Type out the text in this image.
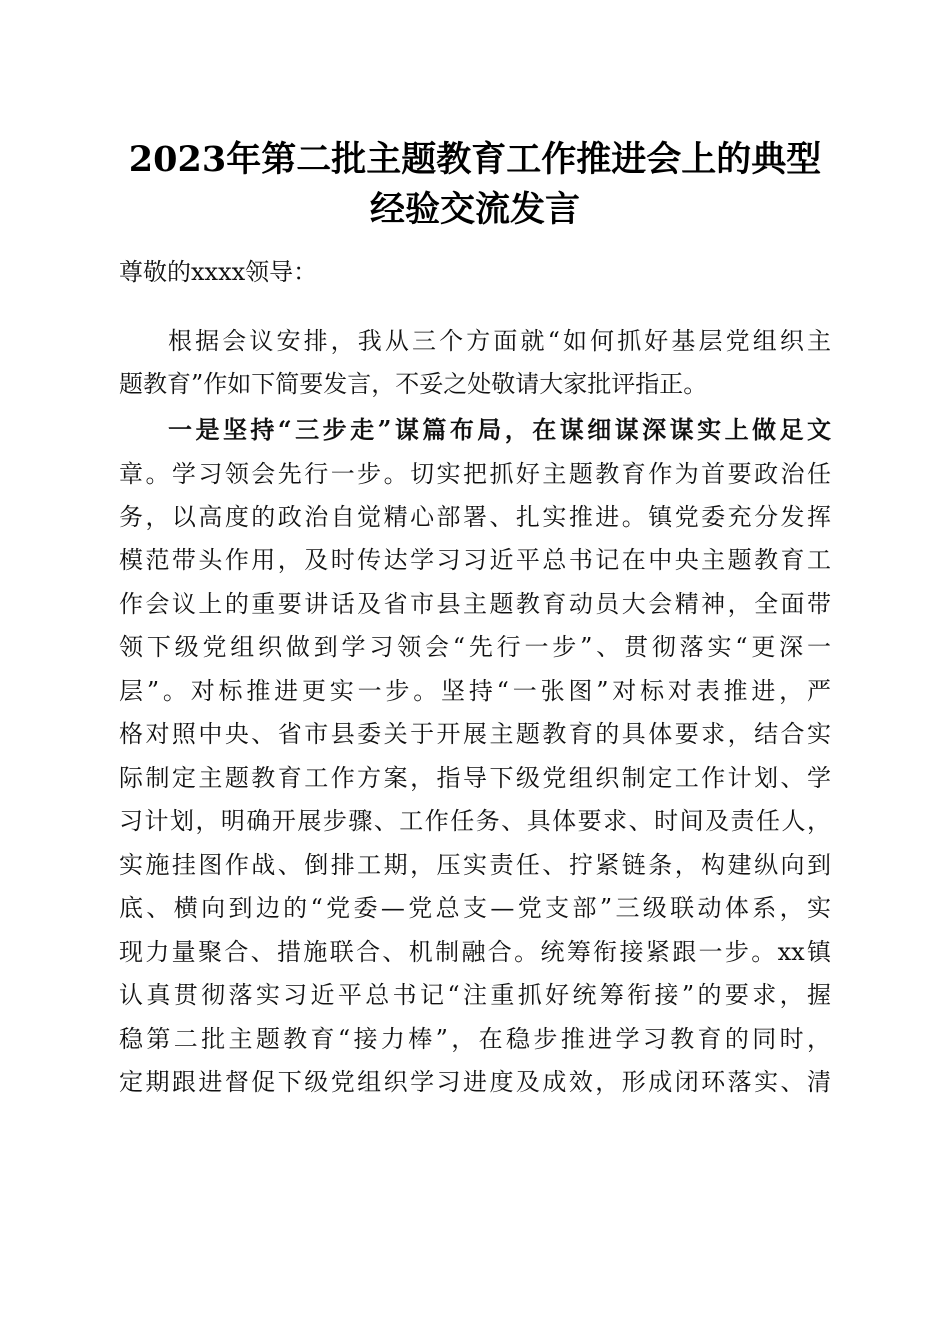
2023年第二批主题教育工作推进会上的典型
经验交流发言
尊敬的xxxx领导：
根据会议安排，我从三个方面就“如何抓好基层党组织主
题教育”作如下简要发言，不妥之处敬请大家批评指正。
一是坚持“三步走”谋篇布局，在谋细谋深谋实上做足文
章。学习领会先行一步。切实把抓好主题教育作为首要政治任
务，以高度的政治自觉精心部署、扎实推进。镇党委充分发挥
模范带头作用，及时传达学习习近平总书记在中央主题教育工
作会议上的重要讲话及省市县主题教育动员大会精神，全面带
领下级党组织做到学习领会“先行一步”、贯彻落实“更深一
层”。对标推进更实一步。坚持“一张图”对标对表推进，严
格对照中央、省市县委关于开展主题教育的具体要求，结合实
际制定主题教育工作方案，指导下级党组织制定工作计划、学
习计划，明确开展步骤、工作任务、具体要求、时间及责任人，
实施挂图作战、倒排工期，压实责任、拧紧链条，构建纵向到
底、横向到边的“党委—党总支—党支部”三级联动体系，实
现力量聚合、措施联合、机制融合。统筹衔接紧跟一步。xx镇
认真贯彻落实习近平总书记“注重抓好统筹衔接”的要求，握
稳第二批主题教育“接力棒”，在稳步推进学习教育的同时，
定期跟进督促下级党组织学习进度及成效，形成闭环落实、清
